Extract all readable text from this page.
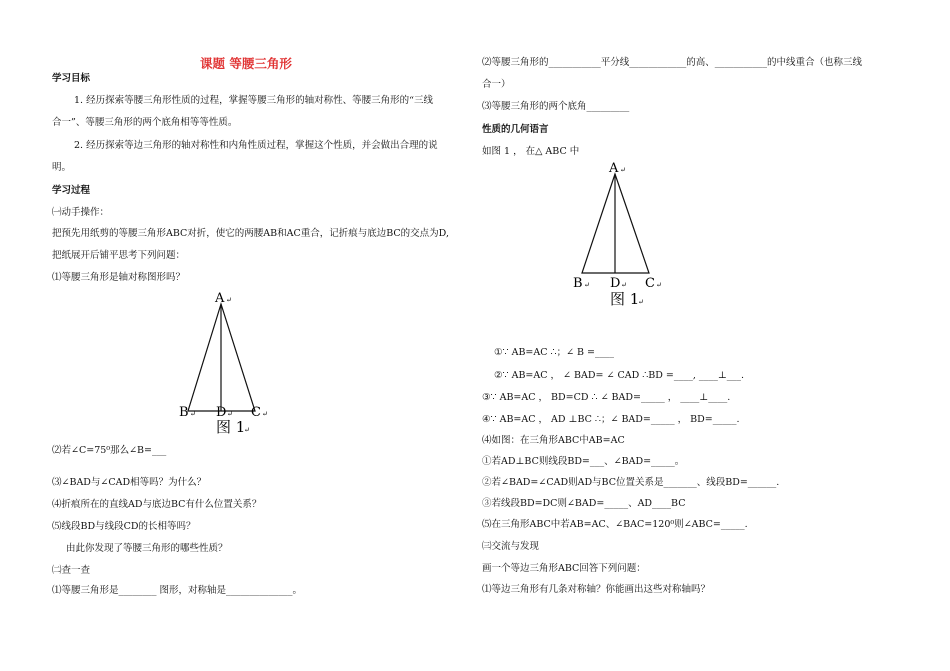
课题 等腰三角形
学习目标
1. 经历探索等腰三角形性质的过程，掌握等腰三角形的轴对称性、等腰三角形的“三线
合一”、等腰三角形的两个底角相等等性质。
2. 经历探索等边三角形的轴对称性和内角性质过程，掌握这个性质，并会做出合理的说
明。
学习过程
㈠动手操作：
把预先用纸剪的等腰三角形ABC对折，使它的两腰AB和AC重合，记折痕与底边BC的交点为D,
把纸展开后铺平思考下列问题：
⑴等腰三角形是轴对称图形吗？
A ↵
B ↵ D ↵ C ↵
图 1
↵
⑵若∠C=75⁰那么∠B=___
⑶∠BAD与∠CAD相等吗？为什么？
⑷折痕所在的直线AD与底边BC有什么位置关系？
⑸线段BD与线段CD的长相等吗？
由此你发现了等腰三角形的哪些性质？
㈡查一查
⑴等腰三角形是________ 图形，对称轴是______________。
⑵等腰三角形的___________平分线____________的高、___________的中线重合（也称三线
合一）
⑶等腰三角形的两个底角_________
性质的几何语言
如图 1 ， 在△ ABC 中
A ↵
B ↵ D ↵ C ↵
图 1
↵
①∵ AB=AC ∴；∠ B =____
②∵ AB=AC ， ∠ BAD= ∠ CAD ∴BD =____, ____⊥___.
③∵ AB=AC ， BD=CD ∴ ∠ BAD=_____ ， ____⊥____.
④∵ AB=AC ， AD ⊥BC ∴；∠ BAD=_____ ， BD=_____.
⑷如图：在三角形ABC中AB=AC
①若AD⊥BC则线段BD=___、∠BAD=_____。
②若∠BAD=∠CAD则AD与BC位置关系是_______、线段BD=______.
③若线段BD=DC则∠BAD=_____、AD____BC
⑸在三角形ABC中若AB=AC、∠BAC=120⁰则∠ABC=_____.
㈢交流与发现
画一个等边三角形ABC回答下列问题：
⑴等边三角形有几条对称轴？你能画出这些对称轴吗？
